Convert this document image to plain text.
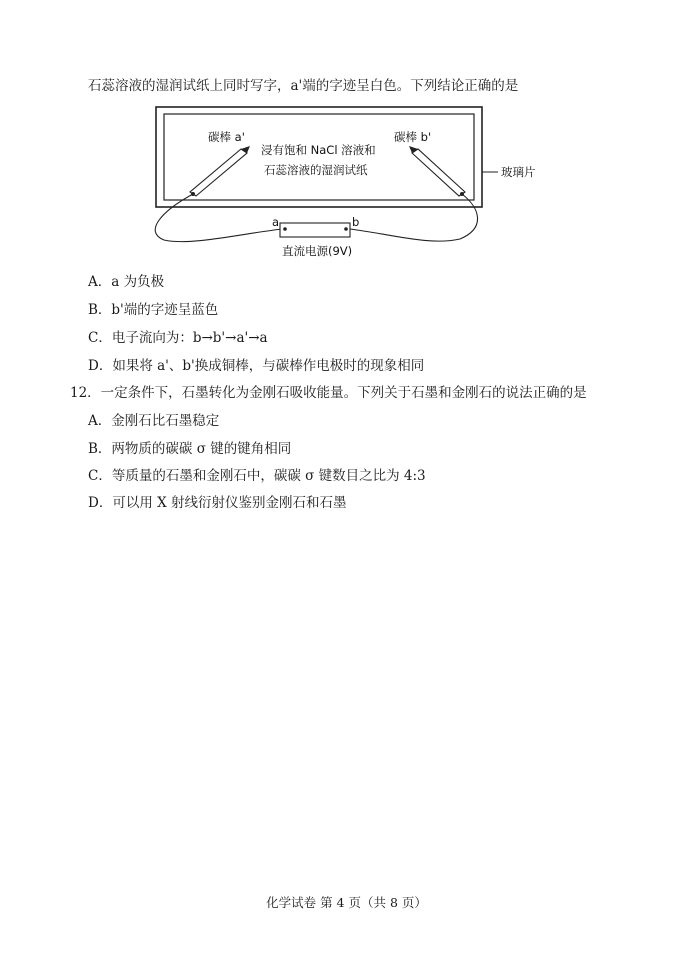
石蕊溶液的湿润试纸上同时写字，a'端的字迹呈白色。下列结论正确的是
玻璃片
碳棒 a'	碳棒 b'
浸有饱和 NaCl 溶液和
石蕊溶液的湿润试纸
a	b
直流电源(9V)
A．a 为负极
B．b'端的字迹呈蓝色
C．电子流向为：b→b'→a'→a
D．如果将 a'、b'换成铜棒，与碳棒作电极时的现象相同
12．一定条件下，石墨转化为金刚石吸收能量。下列关于石墨和金刚石的说法正确的是
A．金刚石比石墨稳定
B．两物质的碳碳 σ 键的键角相同
C．等质量的石墨和金刚石中，碳碳 σ 键数目之比为 4:3
D．可以用 X 射线衍射仪鉴别金刚石和石墨
化学试卷 第 4 页（共 8 页）
